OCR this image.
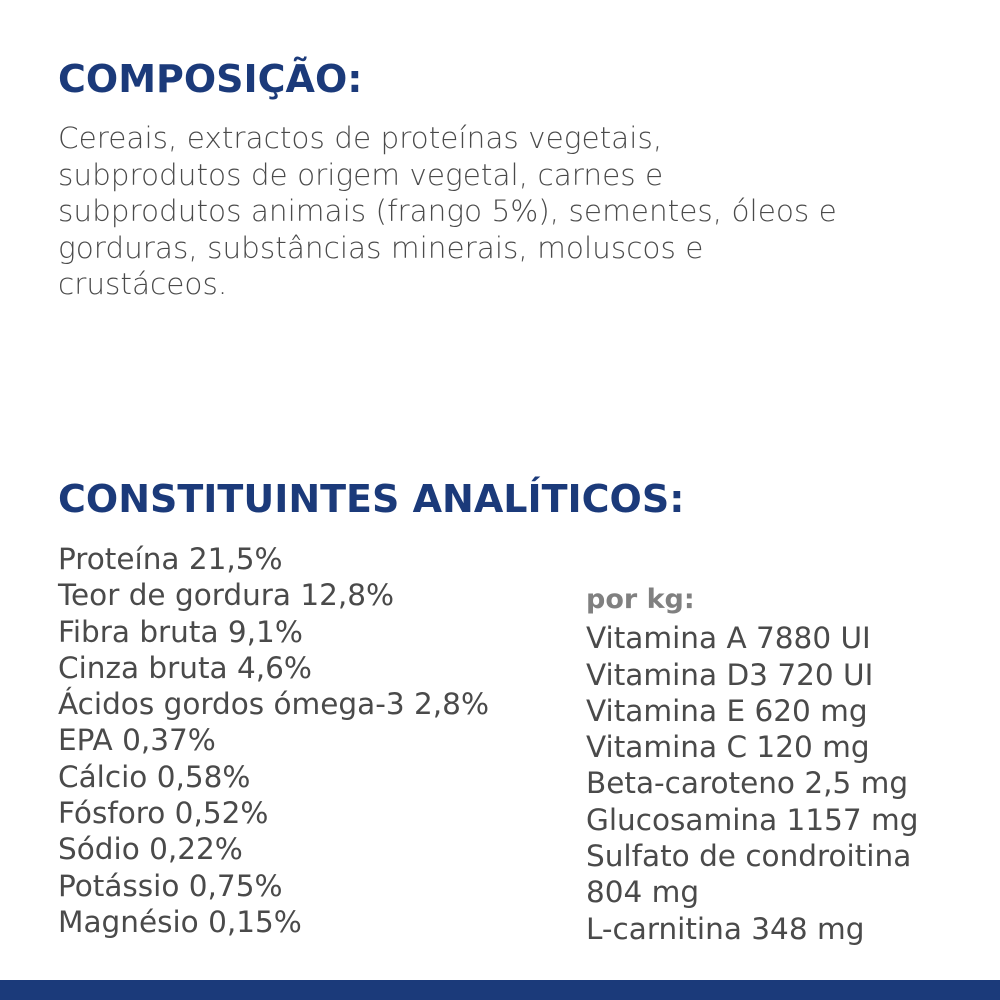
COMPOSIÇÃO:

Cereais, extractos de proteínas vegetais,
subprodutos de origem vegetal, carnes e
subprodutos animais (frango 5%), sementes, óleos e
gorduras, substâncias minerais, moluscos e
crustáceos.

CONSTITUINTES ANALÍTICOS:
Proteína 21,5%
Teor de gordura 12,8%
Fibra bruta 9,1%
Cinza bruta 4,6%
Ácidos gordos ómega-3 2,8%
EPA 0,37%
Cálcio 0,58%
Fósforo 0,52%
Sódio 0,22%
Potássio 0,75%
Magnésio 0,15%
por kg:
Vitamina A 7880 UI
Vitamina D3 720 UI
Vitamina E 620 mg
Vitamina C 120 mg
Beta-caroteno 2,5 mg
Glucosamina 1157 mg
Sulfato de condroitina
804 mg
L-carnitina 348 mg
